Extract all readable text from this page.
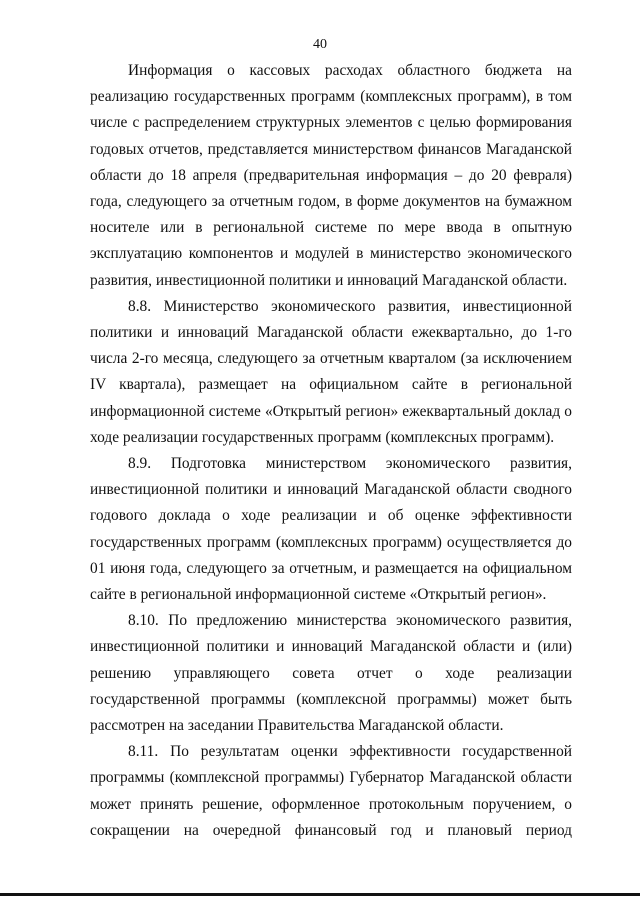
40

Информация о кассовых расходах областного бюджета на реализацию государственных программ (комплексных программ), в том числе с распределением структурных элементов с целью формирования годовых отчетов, представляется министерством финансов Магаданской области до 18 апреля (предварительная информация – до 20 февраля) года, следующего за отчетным годом, в форме документов на бумажном носителе или в региональной системе по мере ввода в опытную эксплуатацию компонентов и модулей в министерство экономического развития, инвестиционной политики и инноваций Магаданской области.

8.8. Министерство экономического развития, инвестиционной политики и инноваций Магаданской области ежеквартально, до 1-го числа 2-го месяца, следующего за отчетным кварталом (за исключением IV квартала), размещает на официальном сайте в региональной информационной системе «Открытый регион» ежеквартальный доклад о ходе реализации государственных программ (комплексных программ).

8.9. Подготовка министерством экономического развития, инвестиционной политики и инноваций Магаданской области сводного годового доклада о ходе реализации и об оценке эффективности государственных программ (комплексных программ) осуществляется до 01 июня года, следующего за отчетным, и размещается на официальном сайте в региональной информационной системе «Открытый регион».

8.10. По предложению министерства экономического развития, инвестиционной политики и инноваций Магаданской области и (или) решению управляющего совета отчет о ходе реализации государственной программы (комплексной программы) может быть рассмотрен на заседании Правительства Магаданской области.

8.11. По результатам оценки эффективности государственной программы (комплексной программы) Губернатор Магаданской области может принять решение, оформленное протокольным поручением, о сокращении на очередной финансовый год и плановый период
